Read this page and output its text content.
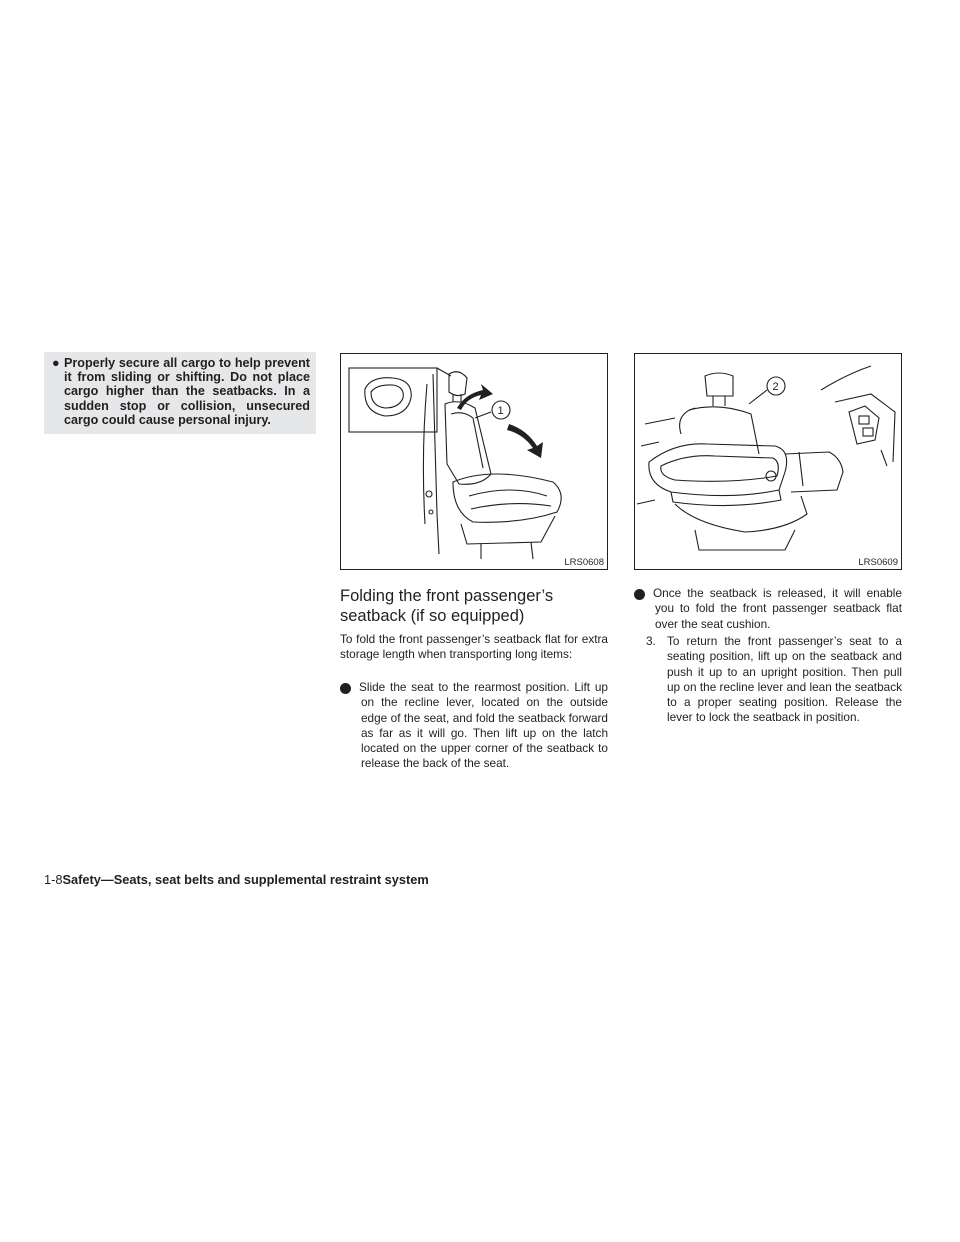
● Properly secure all cargo to help prevent it from sliding or shifting. Do not place cargo higher than the seatbacks. In a sudden stop or collision, unsecured cargo could cause personal injury.

1
LRS0608
2
LRS0609
Folding the front passenger’s seatback (if so equipped)

To fold the front passenger’s seatback flat for extra storage length when transporting long items:

1 Slide the seat to the rearmost position. Lift up on the recline lever, located on the outside edge of the seat, and fold the seatback forward as far as it will go. Then lift up on the latch located on the upper corner of the seatback to release the back of the seat.

2 Once the seatback is released, it will enable you to fold the front passenger seatback flat over the seat cushion.

3. To return the front passenger’s seat to a seating position, lift up on the seatback and push it up to an upright position. Then pull up on the recline lever and lean the seatback to a proper seating position. Release the lever to lock the seatback in position.

1-8Safety—Seats, seat belts and supplemental restraint system
